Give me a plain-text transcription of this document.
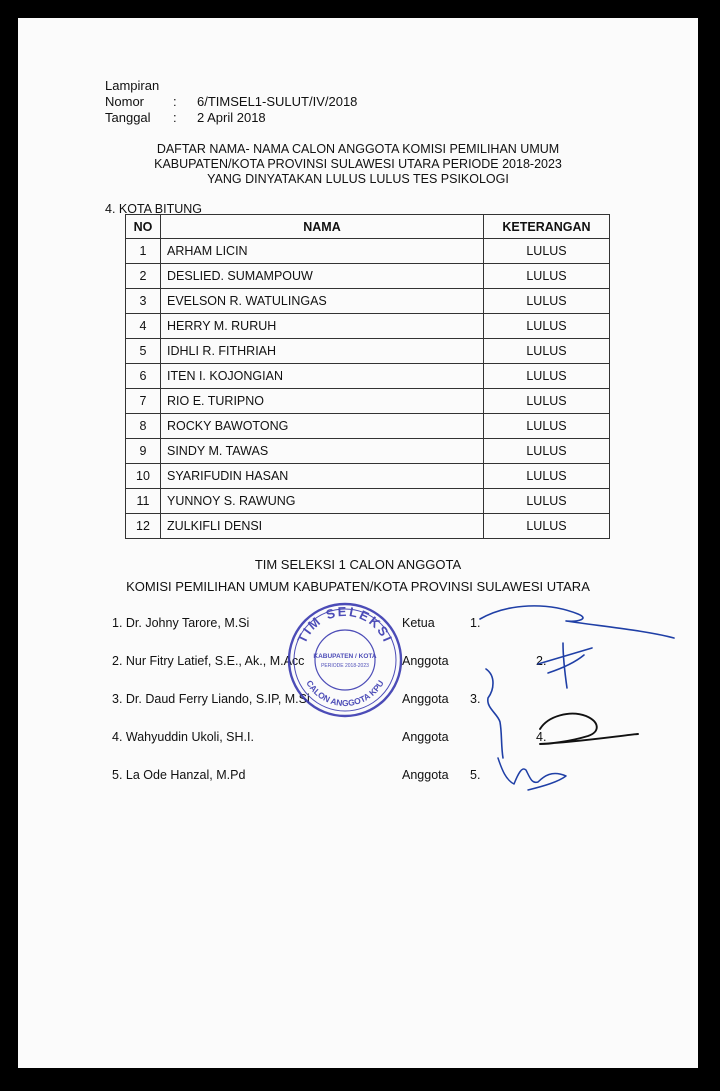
Lampiran
Nomor : 6/TIMSEL1-SULUT/IV/2018
Tanggal : 2 April 2018
DAFTAR NAMA- NAMA CALON ANGGOTA KOMISI PEMILIHAN UMUM
KABUPATEN/KOTA PROVINSI SULAWESI UTARA PERIODE 2018-2023
YANG DINYATAKAN LULUS LULUS TES PSIKOLOGI
4. KOTA BITUNG
NO	NAMA	KETERANGAN
1	ARHAM LICIN	LULUS
2	DESLIED. SUMAMPOUW	LULUS
3	EVELSON R. WATULINGAS	LULUS
4	HERRY M. RURUH	LULUS
5	IDHLI R. FITHRIAH	LULUS
6	ITEN I. KOJONGIAN	LULUS
7	RIO E. TURIPNO	LULUS
8	ROCKY BAWOTONG	LULUS
9	SINDY M. TAWAS	LULUS
10	SYARIFUDIN HASAN	LULUS
11	YUNNOY S. RAWUNG	LULUS
12	ZULKIFLI DENSI	LULUS
TIM SELEKSI 1 CALON ANGGOTA
KOMISI PEMILIHAN UMUM KABUPATEN/KOTA PROVINSI SULAWESI UTARA
1. Dr. Johny Tarore, M.Si	Ketua	1.
2. Nur Fitry Latief, S.E., Ak., M.Acc	Anggota	2.
3. Dr. Daud Ferry Liando, S.IP, M.Si	Anggota 3.
4. Wahyuddin Ukoli, SH.I.	Anggota	4.
5. La Ode Hanzal, M.Pd	Anggota 5.
TIM SELEKSI
CALON ANGGOTA KPU
KABUPATEN / KOTA
PERIODE 2018-2023
